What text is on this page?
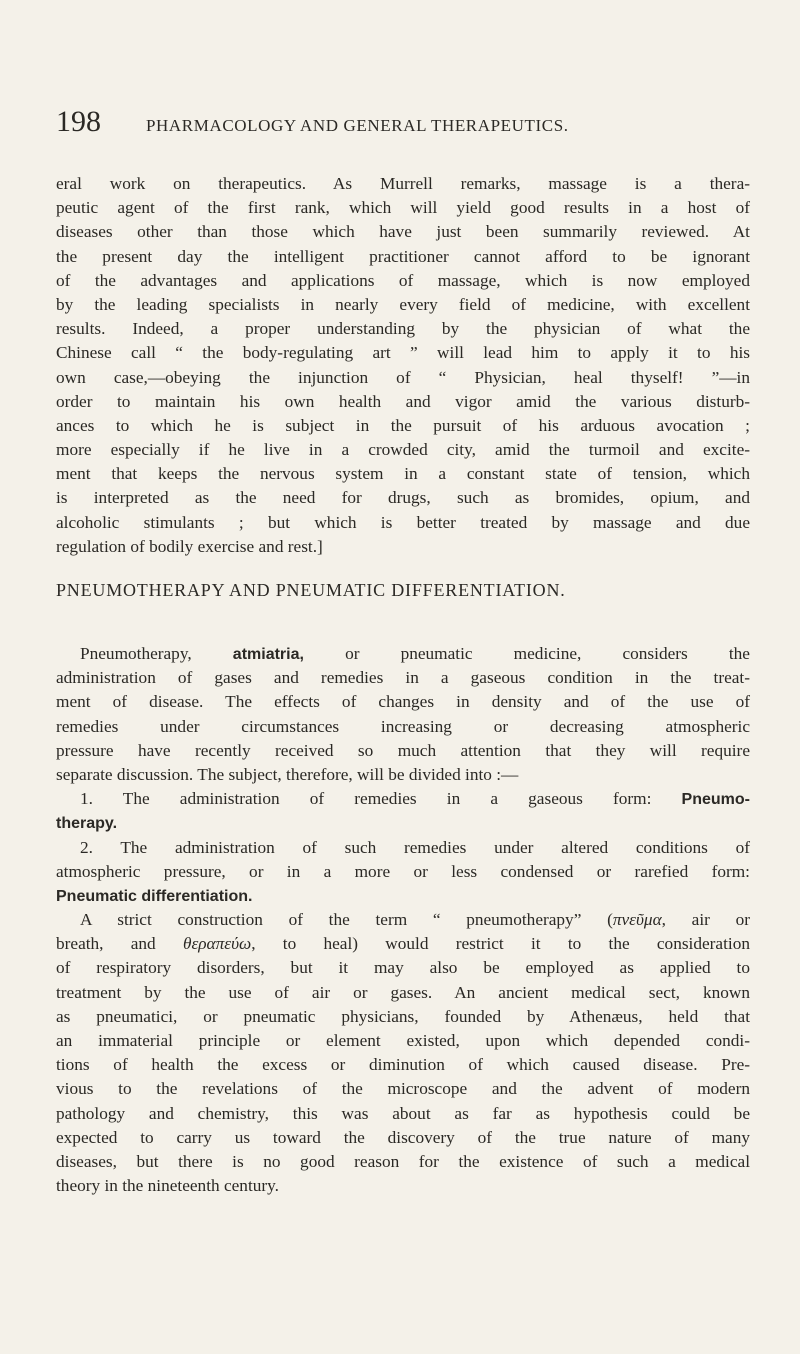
198	PHARMACOLOGY AND GENERAL THERAPEUTICS.
eral work on therapeutics. As Murrell remarks, massage is a thera-
peutic agent of the first rank, which will yield good results in a host of
diseases other than those which have just been summarily reviewed. At
the present day the intelligent practitioner cannot afford to be ignorant
of the advantages and applications of massage, which is now employed
by the leading specialists in nearly every field of medicine, with excellent
results. Indeed, a proper understanding by the physician of what the
Chinese call “ the body-regulating art ” will lead him to apply it to his
own case,—obeying the injunction of “ Physician, heal thyself! ”—in
order to maintain his own health and vigor amid the various disturb-
ances to which he is subject in the pursuit of his arduous avocation ;
more especially if he live in a crowded city, amid the turmoil and excite-
ment that keeps the nervous system in a constant state of tension, which
is interpreted as the need for drugs, such as bromides, opium, and
alcoholic stimulants ; but which is better treated by massage and due
regulation of bodily exercise and rest.]
PNEUMOTHERAPY AND PNEUMATIC DIFFERENTIATION.
Pneumotherapy,	atmiatria, or pneumatic medicine, considers the
administration of gases and remedies in a gaseous condition in the treat-
ment of disease. The effects of changes in density and of the use of
remedies under circumstances increasing or decreasing atmospheric
pressure have recently received so much attention that they will require
separate discussion. The subject, therefore, will be divided into :—
1. The administration of remedies in a gaseous form: Pneumo-
therapy.
2. The administration of such remedies under altered conditions of
atmospheric pressure, or in a more or less condensed or rarefied form:
Pneumatic differentiation.
A strict construction of the term “ pneumotherapy” (πνεῦμα, air or
breath, and θεραπεύω, to heal) would restrict it to the consideration
of respiratory disorders, but it may also be employed as applied to
treatment by the use of air or gases. An ancient medical sect, known
as pneumatici, or pneumatic physicians, founded by Athenæus, held that
an immaterial principle or element existed, upon which depended condi-
tions of health the excess or diminution of which caused disease. Pre-
vious to the revelations of the microscope and the advent of modern
pathology and chemistry, this was about as far as hypothesis could be
expected to carry us toward the discovery of the true nature of many
diseases, but there is no good reason for the existence of such a medical
theory in the nineteenth century.
